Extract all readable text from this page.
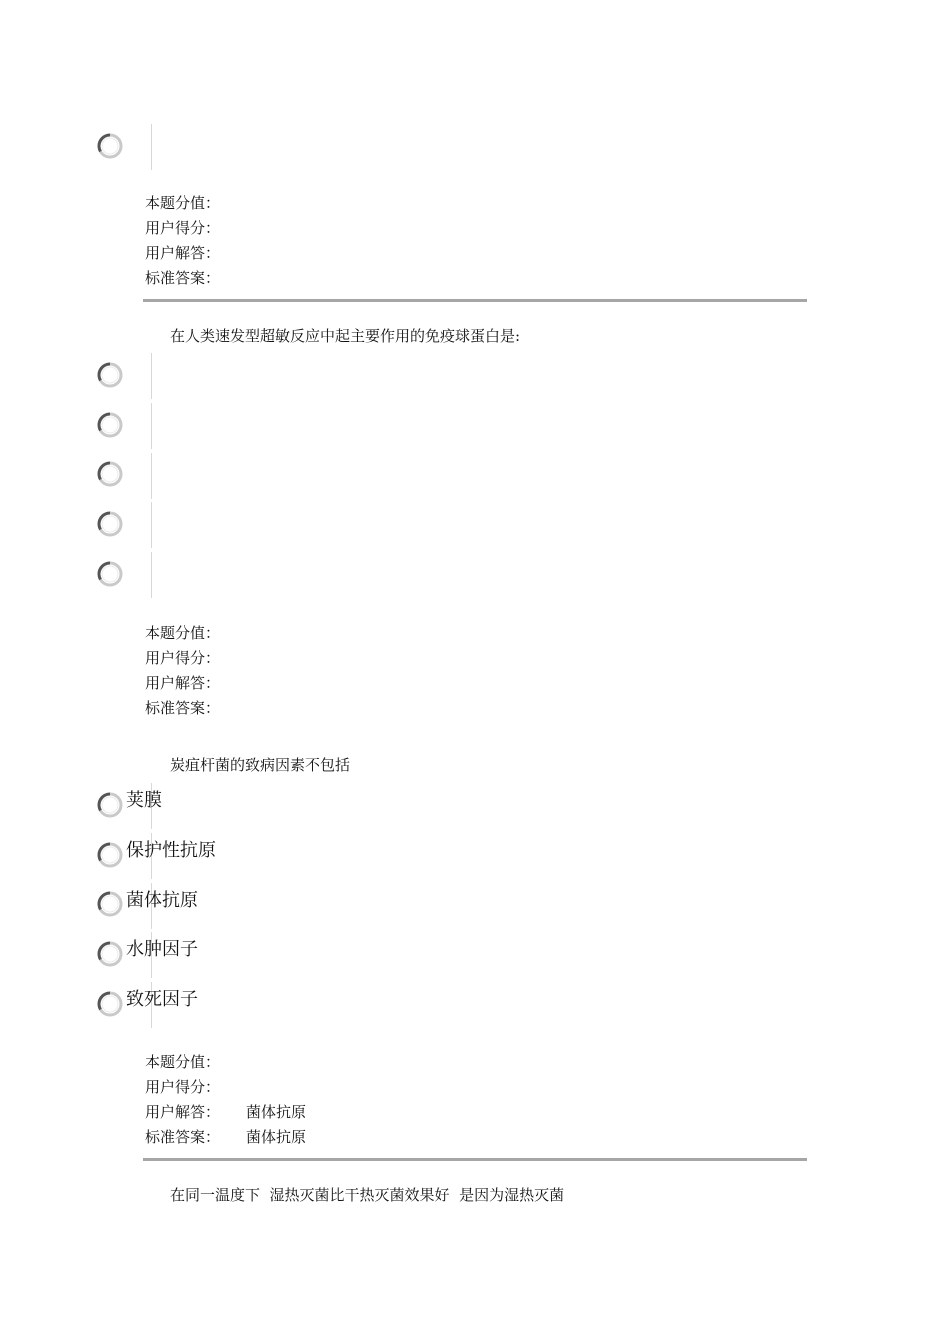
本题分值：
用户得分：
用户解答：
标准答案：
在人类速发型超敏反应中起主要作用的免疫球蛋白是:
本题分值：
用户得分：
用户解答：
标准答案：
炭疽杆菌的致病因素不包括
荚膜
保护性抗原
菌体抗原
水肿因子
致死因子
本题分值：
用户得分：
用户解答： 菌体抗原
标准答案： 菌体抗原
在同一温度下  湿热灭菌比干热灭菌效果好  是因为湿热灭菌
